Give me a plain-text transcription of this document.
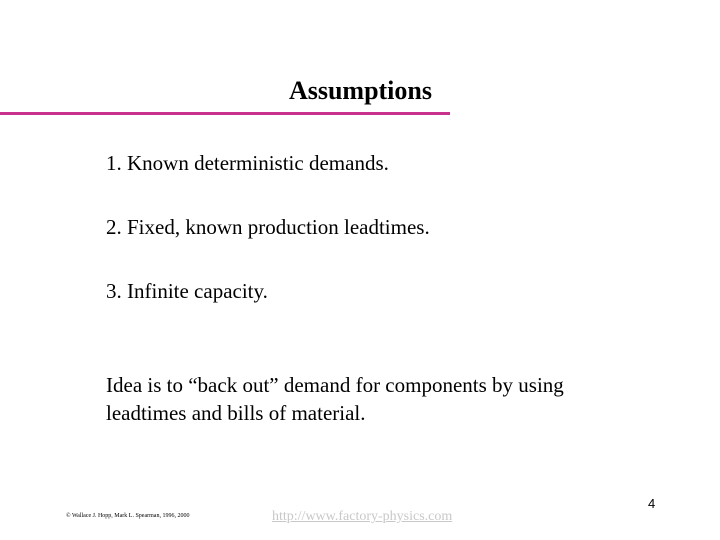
Assumptions
1. Known deterministic demands.
2. Fixed, known production leadtimes.
3. Infinite capacity.
Idea is to “back out” demand for components by using leadtimes and bills of material.
© Wallace J. Hopp, Mark L. Spearman, 1996, 2000	http://www.factory-physics.com
4
